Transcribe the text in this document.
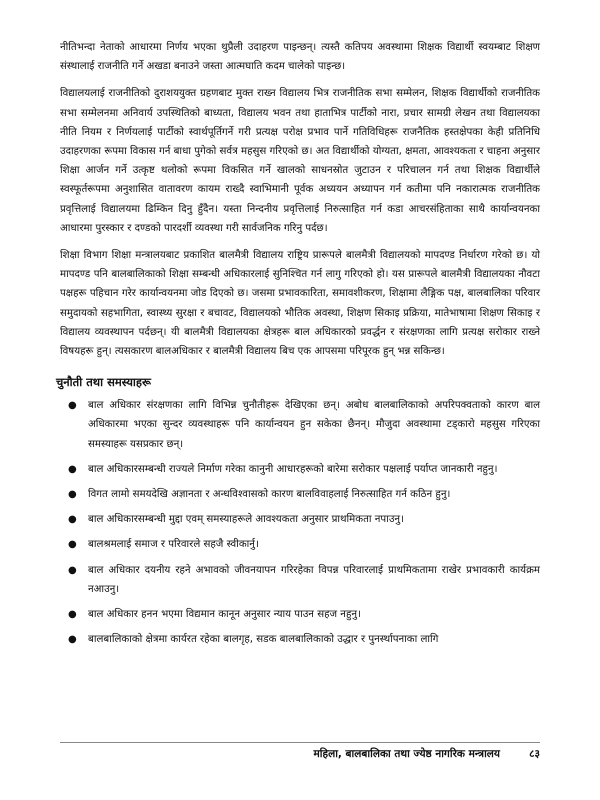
नीतिभन्दा नेताको आधारमा निर्णय भएका थुप्रैली उदाहरण पाइन्छन्। त्यस्तै कतिपय अवस्थामा शिक्षक विद्यार्थी स्वयम्बाट शिक्षण संस्थालाई राजनीति गर्ने अखडा बनाउने जस्ता आत्मघाति कदम चालेको पाइन्छ।

विद्यालयलाई राजनीतिको दुराशययुक्त ग्रहणबाट मुक्त राख्न विद्यालय भित्र राजनीतिक सभा सम्मेलन, शिक्षक विद्यार्थीको राजनीतिक सभा सम्मेलनमा अनिवार्य उपस्थितिको बाध्यता, विद्यालय भवन तथा हाताभित्र पार्टीको नारा, प्रचार सामग्री लेखन तथा विद्यालयका नीति नियम र निर्णयलाई पार्टीको स्वार्थपूर्तिगर्ने गरी प्रत्यक्ष परोक्ष प्रभाव पार्ने गतिविधिहरू राजनैतिक हस्तक्षेपका केही प्रतिनिधि उदाहरणका रूपमा विकास गर्न बाधा पुगेको सर्वत्र महसुस गरिएको छ। अत विद्यार्थीको योग्यता, क्षमता, आवश्यकता र चाहना अनुसार शिक्षा आर्जन गर्ने उत्कृष्ट थलोको रूपमा विकसित गर्ने खालको साधनस्रोत जुटाउन र परिचालन गर्न तथा शिक्षक विद्यार्थीले स्वस्फूर्तरूपमा अनुशासित वातावरण कायम राख्दै स्वाभिमानी पूर्वक अध्ययन अध्यापन गर्न कतीमा पनि नकारात्मक राजनीतिक प्रवृत्तिलाई विद्यालयमा ढिम्किन दिनु हुँदैन। यस्ता निन्दनीय प्रवृत्तिलाई निरुत्साहित गर्न कडा आचरसंहिताका साथै कार्यान्वयनका आधारमा पुरस्कार र दण्डको पारदर्शी व्यवस्था गरी सार्वजनिक गरिनु पर्दछ।

शिक्षा विभाग शिक्षा मन्त्रालयबाट प्रकाशित बालमैत्री विद्यालय राष्ट्रिय प्रारूपले बालमैत्री विद्यालयको मापदण्ड निर्धारण गरेको छ। यो मापदण्ड पनि बालबालिकाको शिक्षा सम्बन्धी अधिकारलाई सुनिश्चित गर्न लागु गरिएको हो। यस प्रारूपले बालमैत्री विद्यालयका नौवटा पक्षहरू पहिचान गरेर कार्यान्वयनमा जोड दिएको छ। जसमा प्रभावकारिता, समावशीकरण, शिक्षामा लैङ्गिक पक्ष, बालबालिका परिवार समुदायको सहभागिता, स्वास्थ्य सुरक्षा र बचावट, विद्यालयको भौतिक अवस्था, शिक्षण सिकाइ प्रक्रिया, मातेभाषामा शिक्षण सिकाइ र विद्यालय व्यवस्थापन पर्दछन्। यी बालमैत्री विद्यालयका क्षेत्रहरू बाल अधिकारको प्रवर्द्धन र संरक्षणका लागि प्रत्यक्ष सरोकार राख्ने विषयहरू हुन्। त्यसकारण बालअधिकार र बालमैत्री विद्यालय बिच एक आपसमा परिपूरक हुन् भन्न सकिन्छ।

चुनौती तथा समस्याहरू
● बाल अधिकार संरक्षणका लागि विभिन्न चुनौतीहरू देखिएका छन्। अबोध बालबालिकाको अपरिपक्वताको कारण बाल अधिकारमा भएका सुन्दर व्यवस्थाहरू पनि कार्यान्वयन हुन सकेका छैनन्। मौजुदा अवस्थामा टड्कारो महसुस गरिएका समस्याहरू यसप्रकार छन्।
● बाल अधिकारसम्बन्धी राज्यले निर्माण गरेका कानुनी आधारहरूको बारेमा सरोकार पक्षलाई पर्याप्त जानकारी नहुनु।
● विगत लामो समयदेखि अज्ञानता र अन्धविश्वासको कारण बालविवाहलाई निरुत्साहित गर्न कठिन हुनु।
● बाल अधिकारसम्बन्धी मुद्दा एवम् समस्याहरूले आवश्यकता अनुसार प्राथमिकता नपाउनु।
● बालश्रमलाई समाज र परिवारले सहजै स्वीकार्नु।
● बाल अधिकार दयनीय रहने अभावको जीवनयापन गरिरहेका विपन्न परिवारलाई प्राथमिकतामा राखेर प्रभावकारी कार्यक्रम नआउनु।
● बाल अधिकार हनन भएमा विद्यमान कानून अनुसार न्याय पाउन सहज नहुनु।
● बालबालिकाको क्षेत्रमा कार्यरत रहेका बालगृह, सडक बालबालिकाको उद्धार र पुनर्स्थापनाका लागि
महिला, बालबालिका तथा ज्येष्ठ नागरिक मन्त्रालय	८३
